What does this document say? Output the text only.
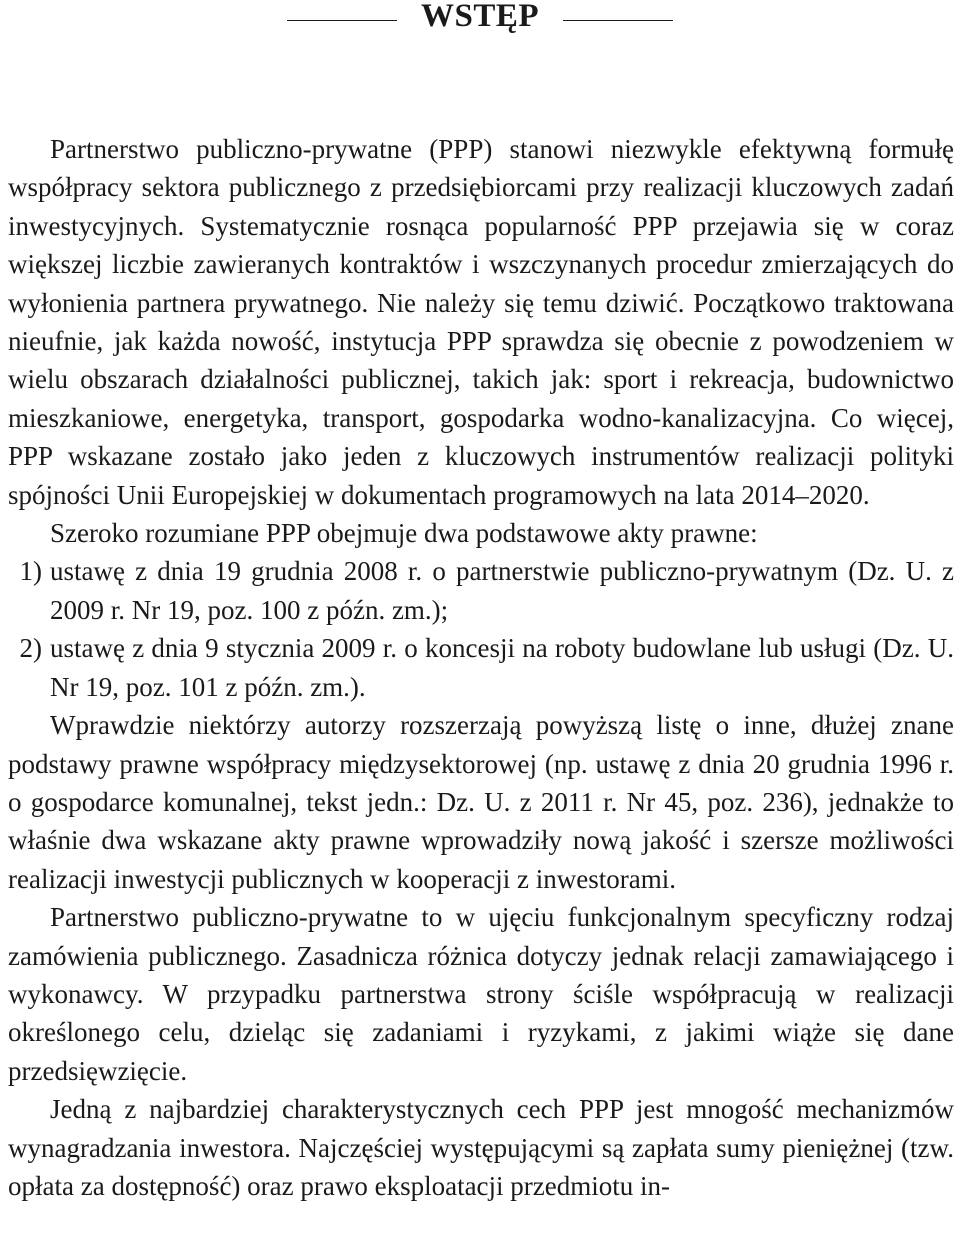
WSTĘP

Partnerstwo publiczno-prywatne (PPP) stanowi niezwykle efektywną formułę współpracy sektora publicznego z przedsiębiorcami przy realizacji kluczowych zadań inwestycyjnych. Systematycznie rosnąca popularność PPP przejawia się w coraz większej liczbie zawieranych kontraktów i wszczynanych procedur zmierzających do wyłonienia partnera prywatnego. Nie należy się temu dziwić. Początkowo traktowana nieufnie, jak każda nowość, instytucja PPP sprawdza się obecnie z powodzeniem w wielu obszarach działalności publicznej, takich jak: sport i rekreacja, budownictwo mieszkaniowe, energetyka, transport, gospodarka wodno-kanalizacyjna. Co więcej, PPP wskazane zostało jako jeden z kluczowych instrumentów realizacji polityki spójności Unii Europejskiej w dokumentach programowych na lata 2014–2020.

Szeroko rozumiane PPP obejmuje dwa podstawowe akty prawne:

1) ustawę z dnia 19 grudnia 2008 r. o partnerstwie publiczno-prywatnym (Dz. U. z 2009 r. Nr 19, poz. 100 z późn. zm.);
2) ustawę z dnia 9 stycznia 2009 r. o koncesji na roboty budowlane lub usługi (Dz. U. Nr 19, poz. 101 z późn. zm.).

Wprawdzie niektórzy autorzy rozszerzają powyższą listę o inne, dłużej znane podstawy prawne współpracy międzysektorowej (np. ustawę z dnia 20 grudnia 1996 r. o gospodarce komunalnej, tekst jedn.: Dz. U. z 2011 r. Nr 45, poz. 236), jednakże to właśnie dwa wskazane akty prawne wprowadziły nową jakość i szersze możliwości realizacji inwestycji publicznych w kooperacji z inwestorami.

Partnerstwo publiczno-prywatne to w ujęciu funkcjonalnym specyficzny rodzaj zamówienia publicznego. Zasadnicza różnica dotyczy jednak relacji zamawiającego i wykonawcy. W przypadku partnerstwa strony ściśle współpracują w realizacji określonego celu, dzieląc się zadaniami i ryzykami, z jakimi wiąże się dane przedsięwzięcie.

Jedną z najbardziej charakterystycznych cech PPP jest mnogość mechanizmów wynagradzania inwestora. Najczęściej występującymi są zapłata sumy pieniężnej (tzw. opłata za dostępność) oraz prawo eksploatacji przedmiotu in-
